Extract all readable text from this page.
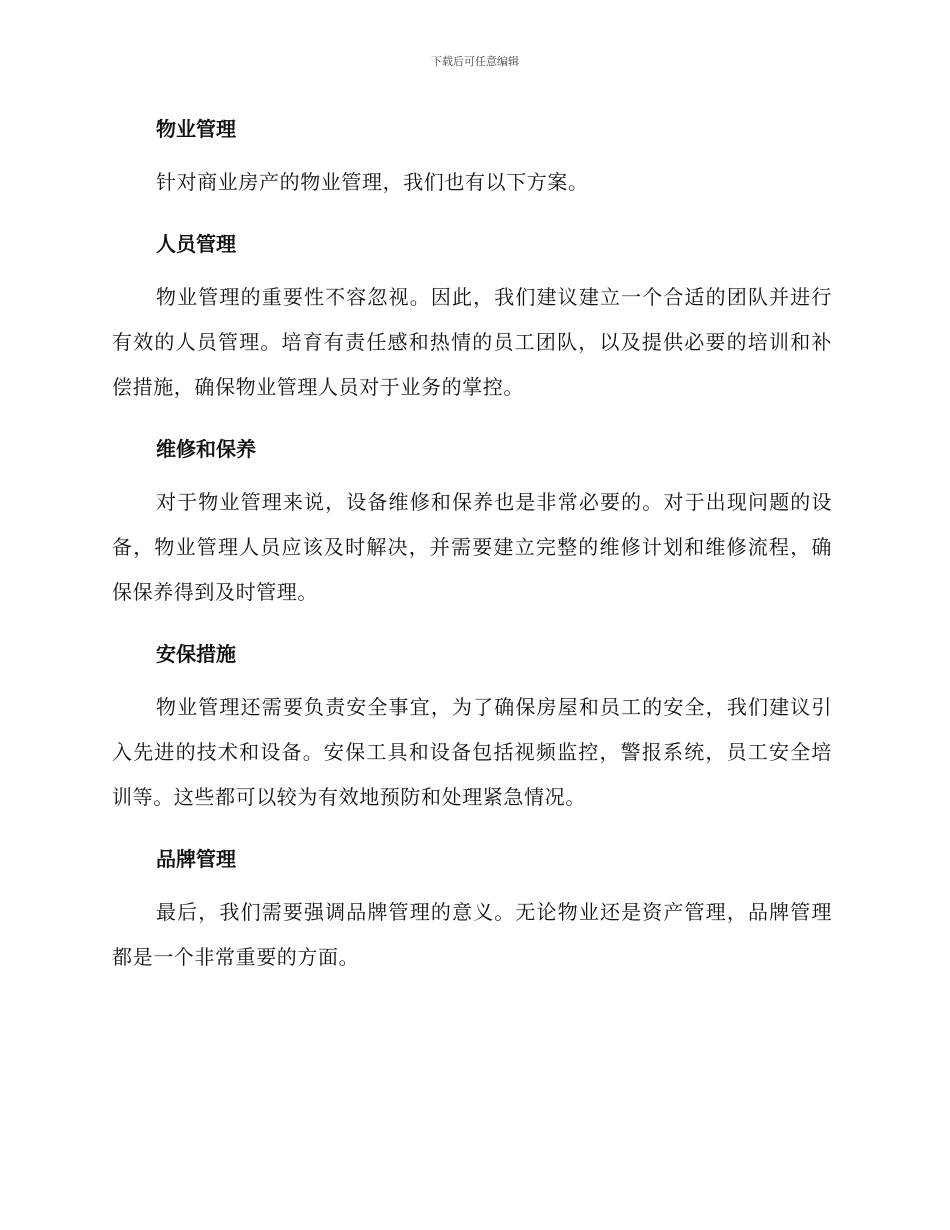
下载后可任意编辑
物业管理

针对商业房产的物业管理，我们也有以下方案。

人员管理

物业管理的重要性不容忽视。因此，我们建议建立一个合适的团队并进行有效的人员管理。培育有责任感和热情的员工团队，以及提供必要的培训和补偿措施，确保物业管理人员对于业务的掌控。

维修和保养

对于物业管理来说，设备维修和保养也是非常必要的。对于出现问题的设备，物业管理人员应该及时解决，并需要建立完整的维修计划和维修流程，确保保养得到及时管理。

安保措施

物业管理还需要负责安全事宜，为了确保房屋和员工的安全，我们建议引入先进的技术和设备。安保工具和设备包括视频监控，警报系统，员工安全培训等。这些都可以较为有效地预防和处理紧急情况。

品牌管理

最后，我们需要强调品牌管理的意义。无论物业还是资产管理，品牌管理都是一个非常重要的方面。
